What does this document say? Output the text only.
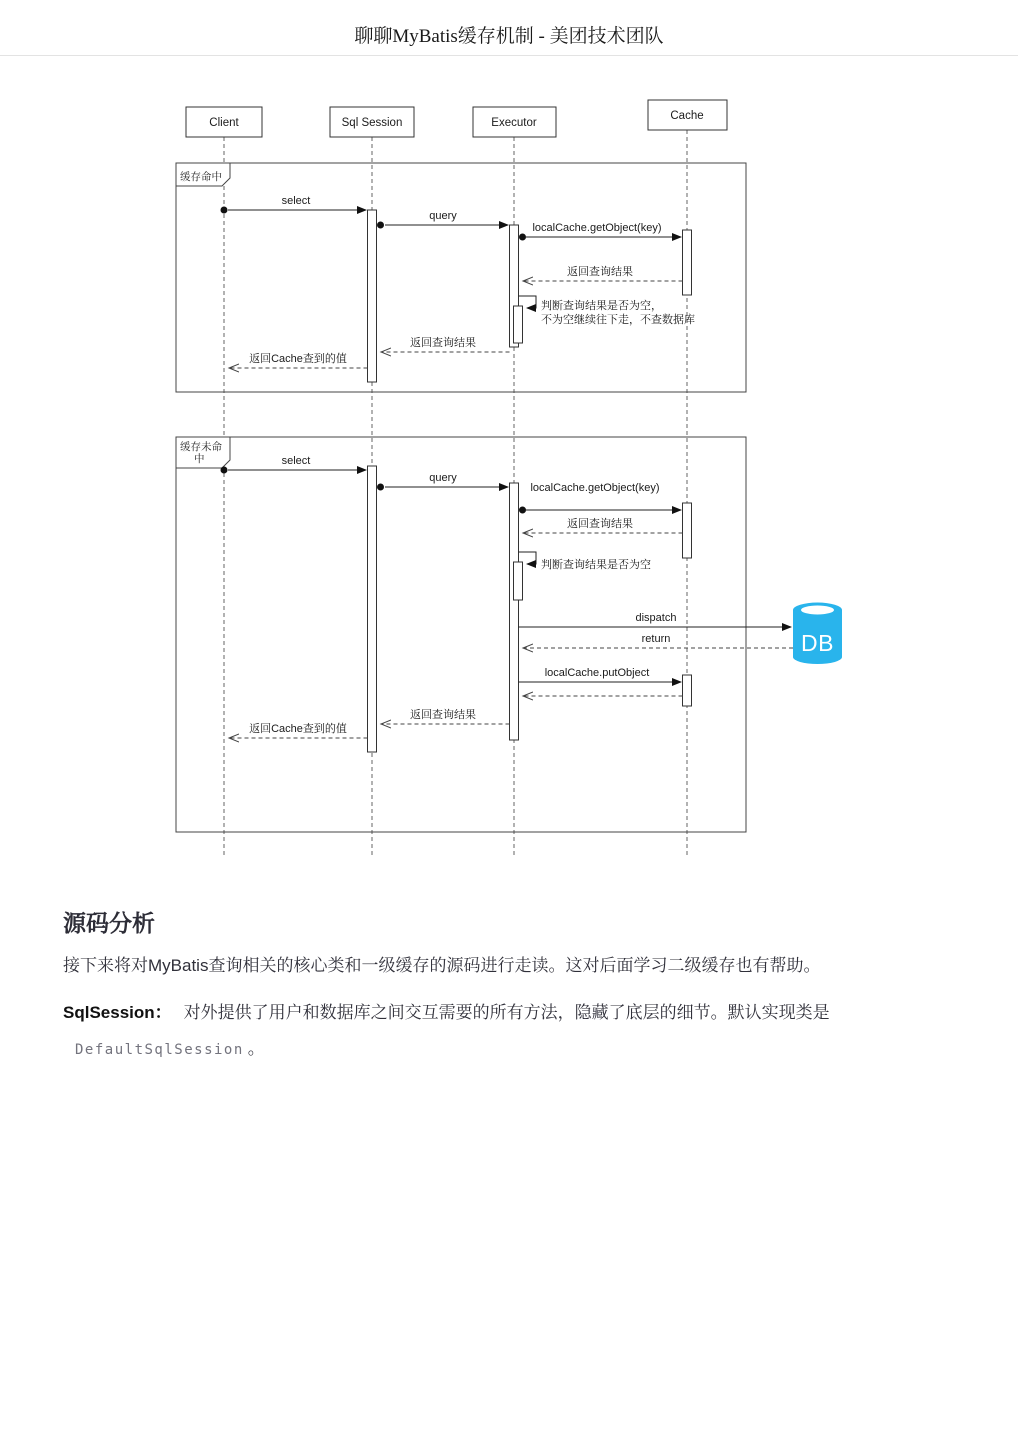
聊聊MyBatis缓存机制 - 美团技术团队
Client	Sql Session	Executor
Cache
缓存命中
select
query
localCache.getObject(key)
返回查询结果
判断查询结果是否为空，
不为空继续往下走，不查数据库
返回查询结果
返回Cache查到的值
缓存未命
中	select
query
localCache.getObject(key)
返回查询结果
判断查询结果是否为空
dispatch
return
localCache.putObject
返回查询结果
返回Cache查到的值
DB
源码分析

接下来将对MyBatis查询相关的核心类和一级缓存的源码进行走读。这对后面学习二级缓存也有帮助。

SqlSession： 对外提供了用户和数据库之间交互需要的所有方法，隐藏了底层的细节。默认实现类是

DefaultSqlSession 。
